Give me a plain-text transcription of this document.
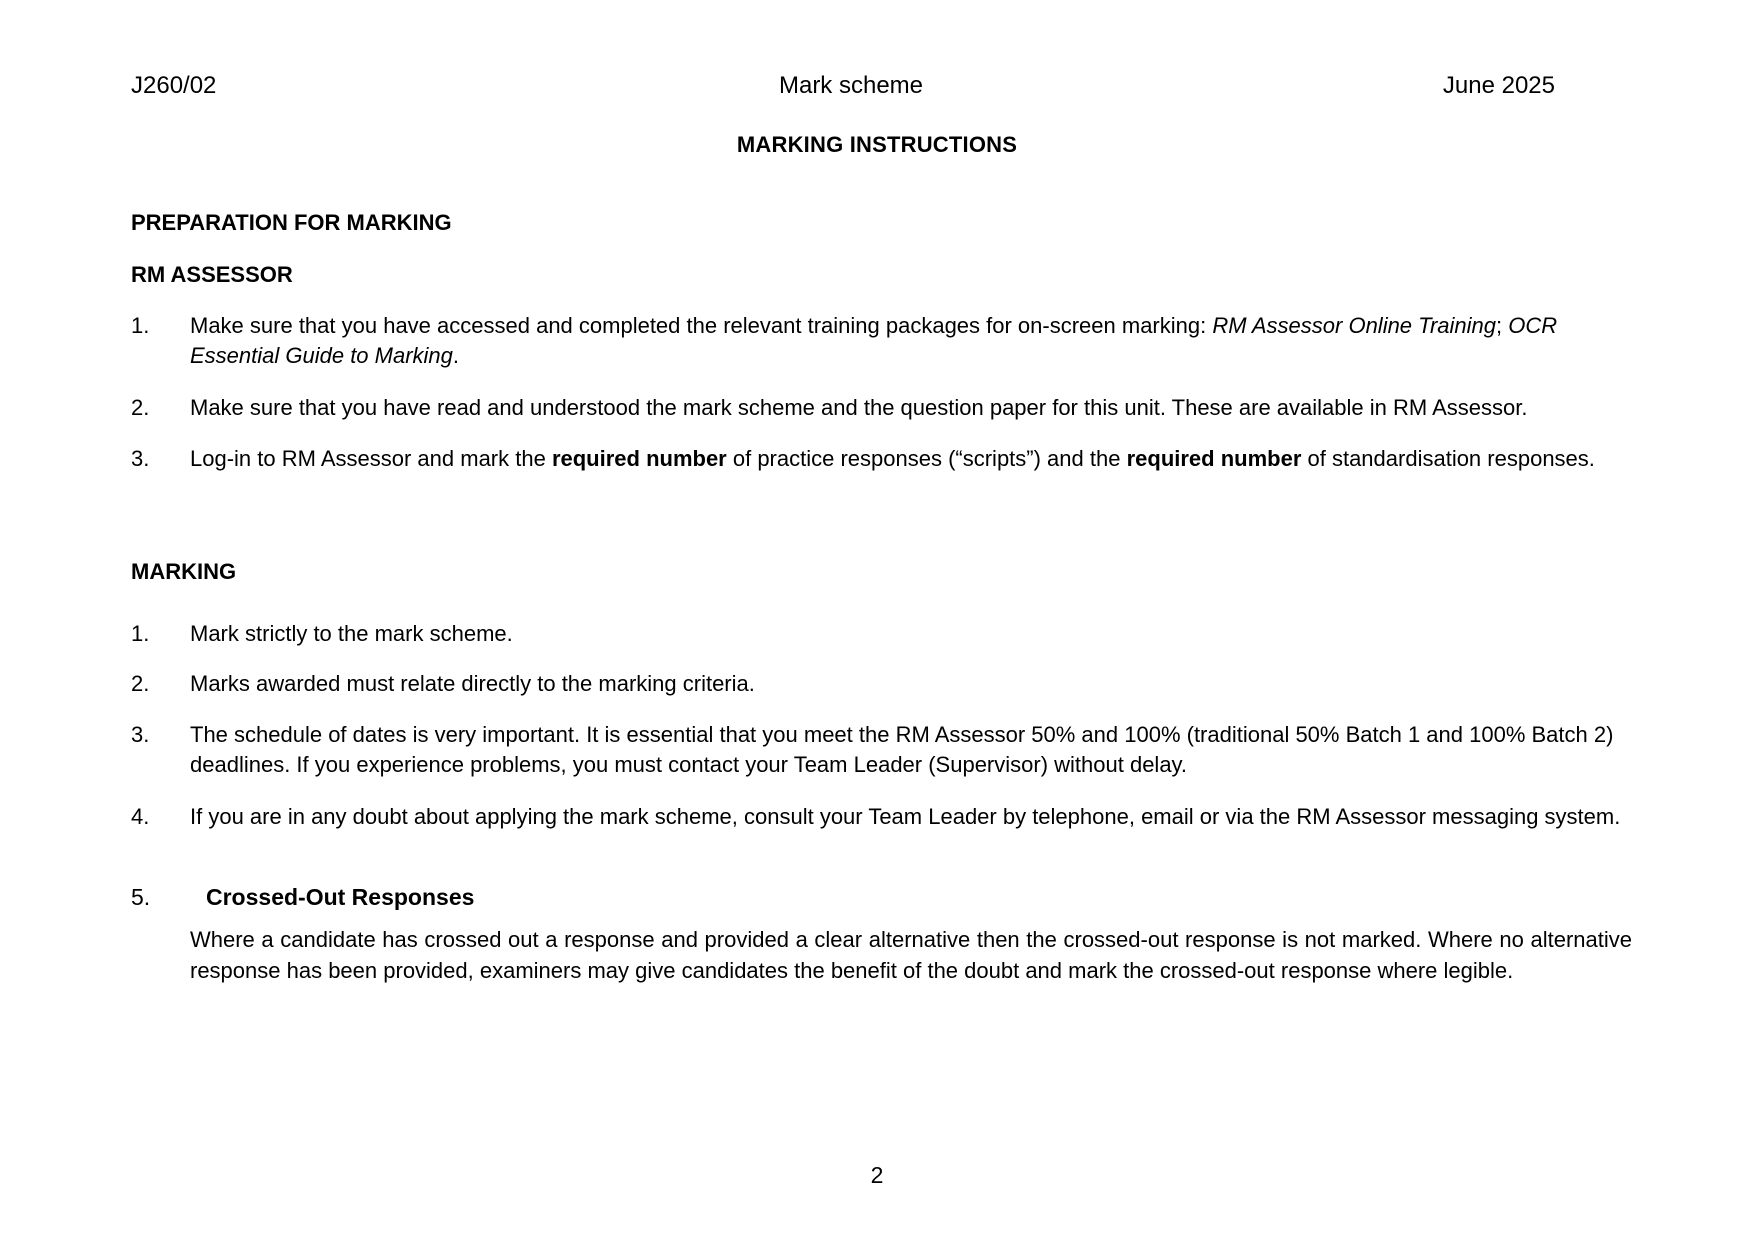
J260/02	Mark scheme	June 2025
MARKING INSTRUCTIONS
PREPARATION FOR MARKING
RM ASSESSOR
1. Make sure that you have accessed and completed the relevant training packages for on-screen marking: RM Assessor Online Training; OCR Essential Guide to Marking.
2. Make sure that you have read and understood the mark scheme and the question paper for this unit. These are available in RM Assessor.
3. Log-in to RM Assessor and mark the required number of practice responses (“scripts”) and the required number of standardisation responses.
MARKING
1. Mark strictly to the mark scheme.
2. Marks awarded must relate directly to the marking criteria.
3. The schedule of dates is very important. It is essential that you meet the RM Assessor 50% and 100% (traditional 50% Batch 1 and 100% Batch 2) deadlines. If you experience problems, you must contact your Team Leader (Supervisor) without delay.
4. If you are in any doubt about applying the mark scheme, consult your Team Leader by telephone, email or via the RM Assessor messaging system.
5. Crossed-Out Responses
Where a candidate has crossed out a response and provided a clear alternative then the crossed-out response is not marked. Where no alternative response has been provided, examiners may give candidates the benefit of the doubt and mark the crossed-out response where legible.
2
